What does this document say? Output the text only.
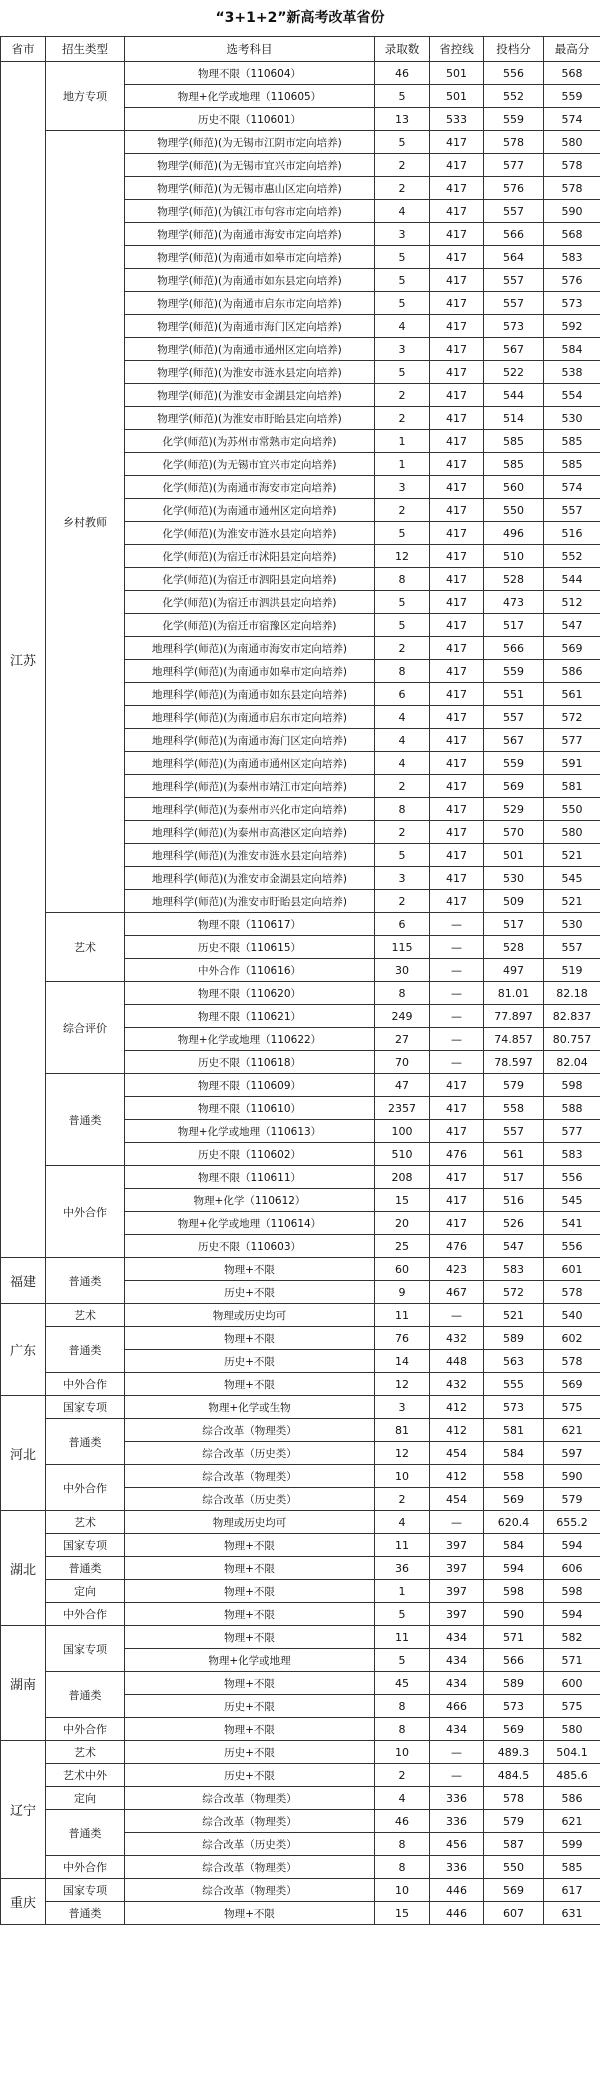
“3+1+2”新高考改革省份
省市	招生类型	选考科目	录取数	省控线	投档分	最高分
江苏	地方专项	物理不限（110604）	46	501	556	568
		物理+化学或地理（110605）	5	501	552	559
		历史不限（110601）	13	533	559	574
	乡村教师	物理学(师范)(为无锡市江阴市定向培养)	5	417	578	580
		物理学(师范)(为无锡市宜兴市定向培养)	2	417	577	578
		物理学(师范)(为无锡市惠山区定向培养)	2	417	576	578
		物理学(师范)(为镇江市句容市定向培养)	4	417	557	590
		物理学(师范)(为南通市海安市定向培养)	3	417	566	568
		物理学(师范)(为南通市如皋市定向培养)	5	417	564	583
		物理学(师范)(为南通市如东县定向培养)	5	417	557	576
		物理学(师范)(为南通市启东市定向培养)	5	417	557	573
		物理学(师范)(为南通市海门区定向培养)	4	417	573	592
		物理学(师范)(为南通市通州区定向培养)	3	417	567	584
		物理学(师范)(为淮安市涟水县定向培养)	5	417	522	538
		物理学(师范)(为淮安市金湖县定向培养)	2	417	544	554
		物理学(师范)(为淮安市盱眙县定向培养)	2	417	514	530
		化学(师范)(为苏州市常熟市定向培养)	1	417	585	585
		化学(师范)(为无锡市宜兴市定向培养)	1	417	585	585
		化学(师范)(为南通市海安市定向培养)	3	417	560	574
		化学(师范)(为南通市通州区定向培养)	2	417	550	557
		化学(师范)(为淮安市涟水县定向培养)	5	417	496	516
		化学(师范)(为宿迁市沭阳县定向培养)	12	417	510	552
		化学(师范)(为宿迁市泗阳县定向培养)	8	417	528	544
		化学(师范)(为宿迁市泗洪县定向培养)	5	417	473	512
		化学(师范)(为宿迁市宿豫区定向培养)	5	417	517	547
		地理科学(师范)(为南通市海安市定向培养)	2	417	566	569
		地理科学(师范)(为南通市如皋市定向培养)	8	417	559	586
		地理科学(师范)(为南通市如东县定向培养)	6	417	551	561
		地理科学(师范)(为南通市启东市定向培养)	4	417	557	572
		地理科学(师范)(为南通市海门区定向培养)	4	417	567	577
		地理科学(师范)(为南通市通州区定向培养)	4	417	559	591
		地理科学(师范)(为泰州市靖江市定向培养)	2	417	569	581
		地理科学(师范)(为泰州市兴化市定向培养)	8	417	529	550
		地理科学(师范)(为泰州市高港区定向培养)	2	417	570	580
		地理科学(师范)(为淮安市涟水县定向培养)	5	417	501	521
		地理科学(师范)(为淮安市金湖县定向培养)	3	417	530	545
		地理科学(师范)(为淮安市盱眙县定向培养)	2	417	509	521
	艺术	物理不限（110617）	6	—	517	530
		历史不限（110615）	115	—	528	557
		中外合作（110616）	30	—	497	519
	综合评价	物理不限（110620）	8	—	81.01	82.18
		物理不限（110621）	249	—	77.897	82.837
		物理+化学或地理（110622）	27	—	74.857	80.757
		历史不限（110618）	70	—	78.597	82.04
	普通类	物理不限（110609）	47	417	579	598
		物理不限（110610）	2357	417	558	588
		物理+化学或地理（110613）	100	417	557	577
		历史不限（110602）	510	476	561	583
	中外合作	物理不限（110611）	208	417	517	556
		物理+化学（110612）	15	417	516	545
		物理+化学或地理（110614）	20	417	526	541
		历史不限（110603）	25	476	547	556
福建	普通类	物理+不限	60	423	583	601
		历史+不限	9	467	572	578
广东	艺术	物理或历史均可	11	—	521	540
	普通类	物理+不限	76	432	589	602
		历史+不限	14	448	563	578
	中外合作	物理+不限	12	432	555	569
河北	国家专项	物理+化学或生物	3	412	573	575
	普通类	综合改革（物理类）	81	412	581	621
		综合改革（历史类）	12	454	584	597
	中外合作	综合改革（物理类）	10	412	558	590
		综合改革（历史类）	2	454	569	579
湖北	艺术	物理或历史均可	4	—	620.4	655.2
	国家专项	物理+不限	11	397	584	594
	普通类	物理+不限	36	397	594	606
	定向	物理+不限	1	397	598	598
	中外合作	物理+不限	5	397	590	594
湖南	国家专项	物理+不限	11	434	571	582
		物理+化学或地理	5	434	566	571
	普通类	物理+不限	45	434	589	600
		历史+不限	8	466	573	575
	中外合作	物理+不限	8	434	569	580
辽宁	艺术	历史+不限	10	—	489.3	504.1
	艺术中外	历史+不限	2	—	484.5	485.6
	定向	综合改革（物理类）	4	336	578	586
	普通类	综合改革（物理类）	46	336	579	621
		综合改革（历史类）	8	456	587	599
	中外合作	综合改革（物理类）	8	336	550	585
重庆	国家专项	综合改革（物理类）	10	446	569	617
	普通类	物理+不限	15	446	607	631
